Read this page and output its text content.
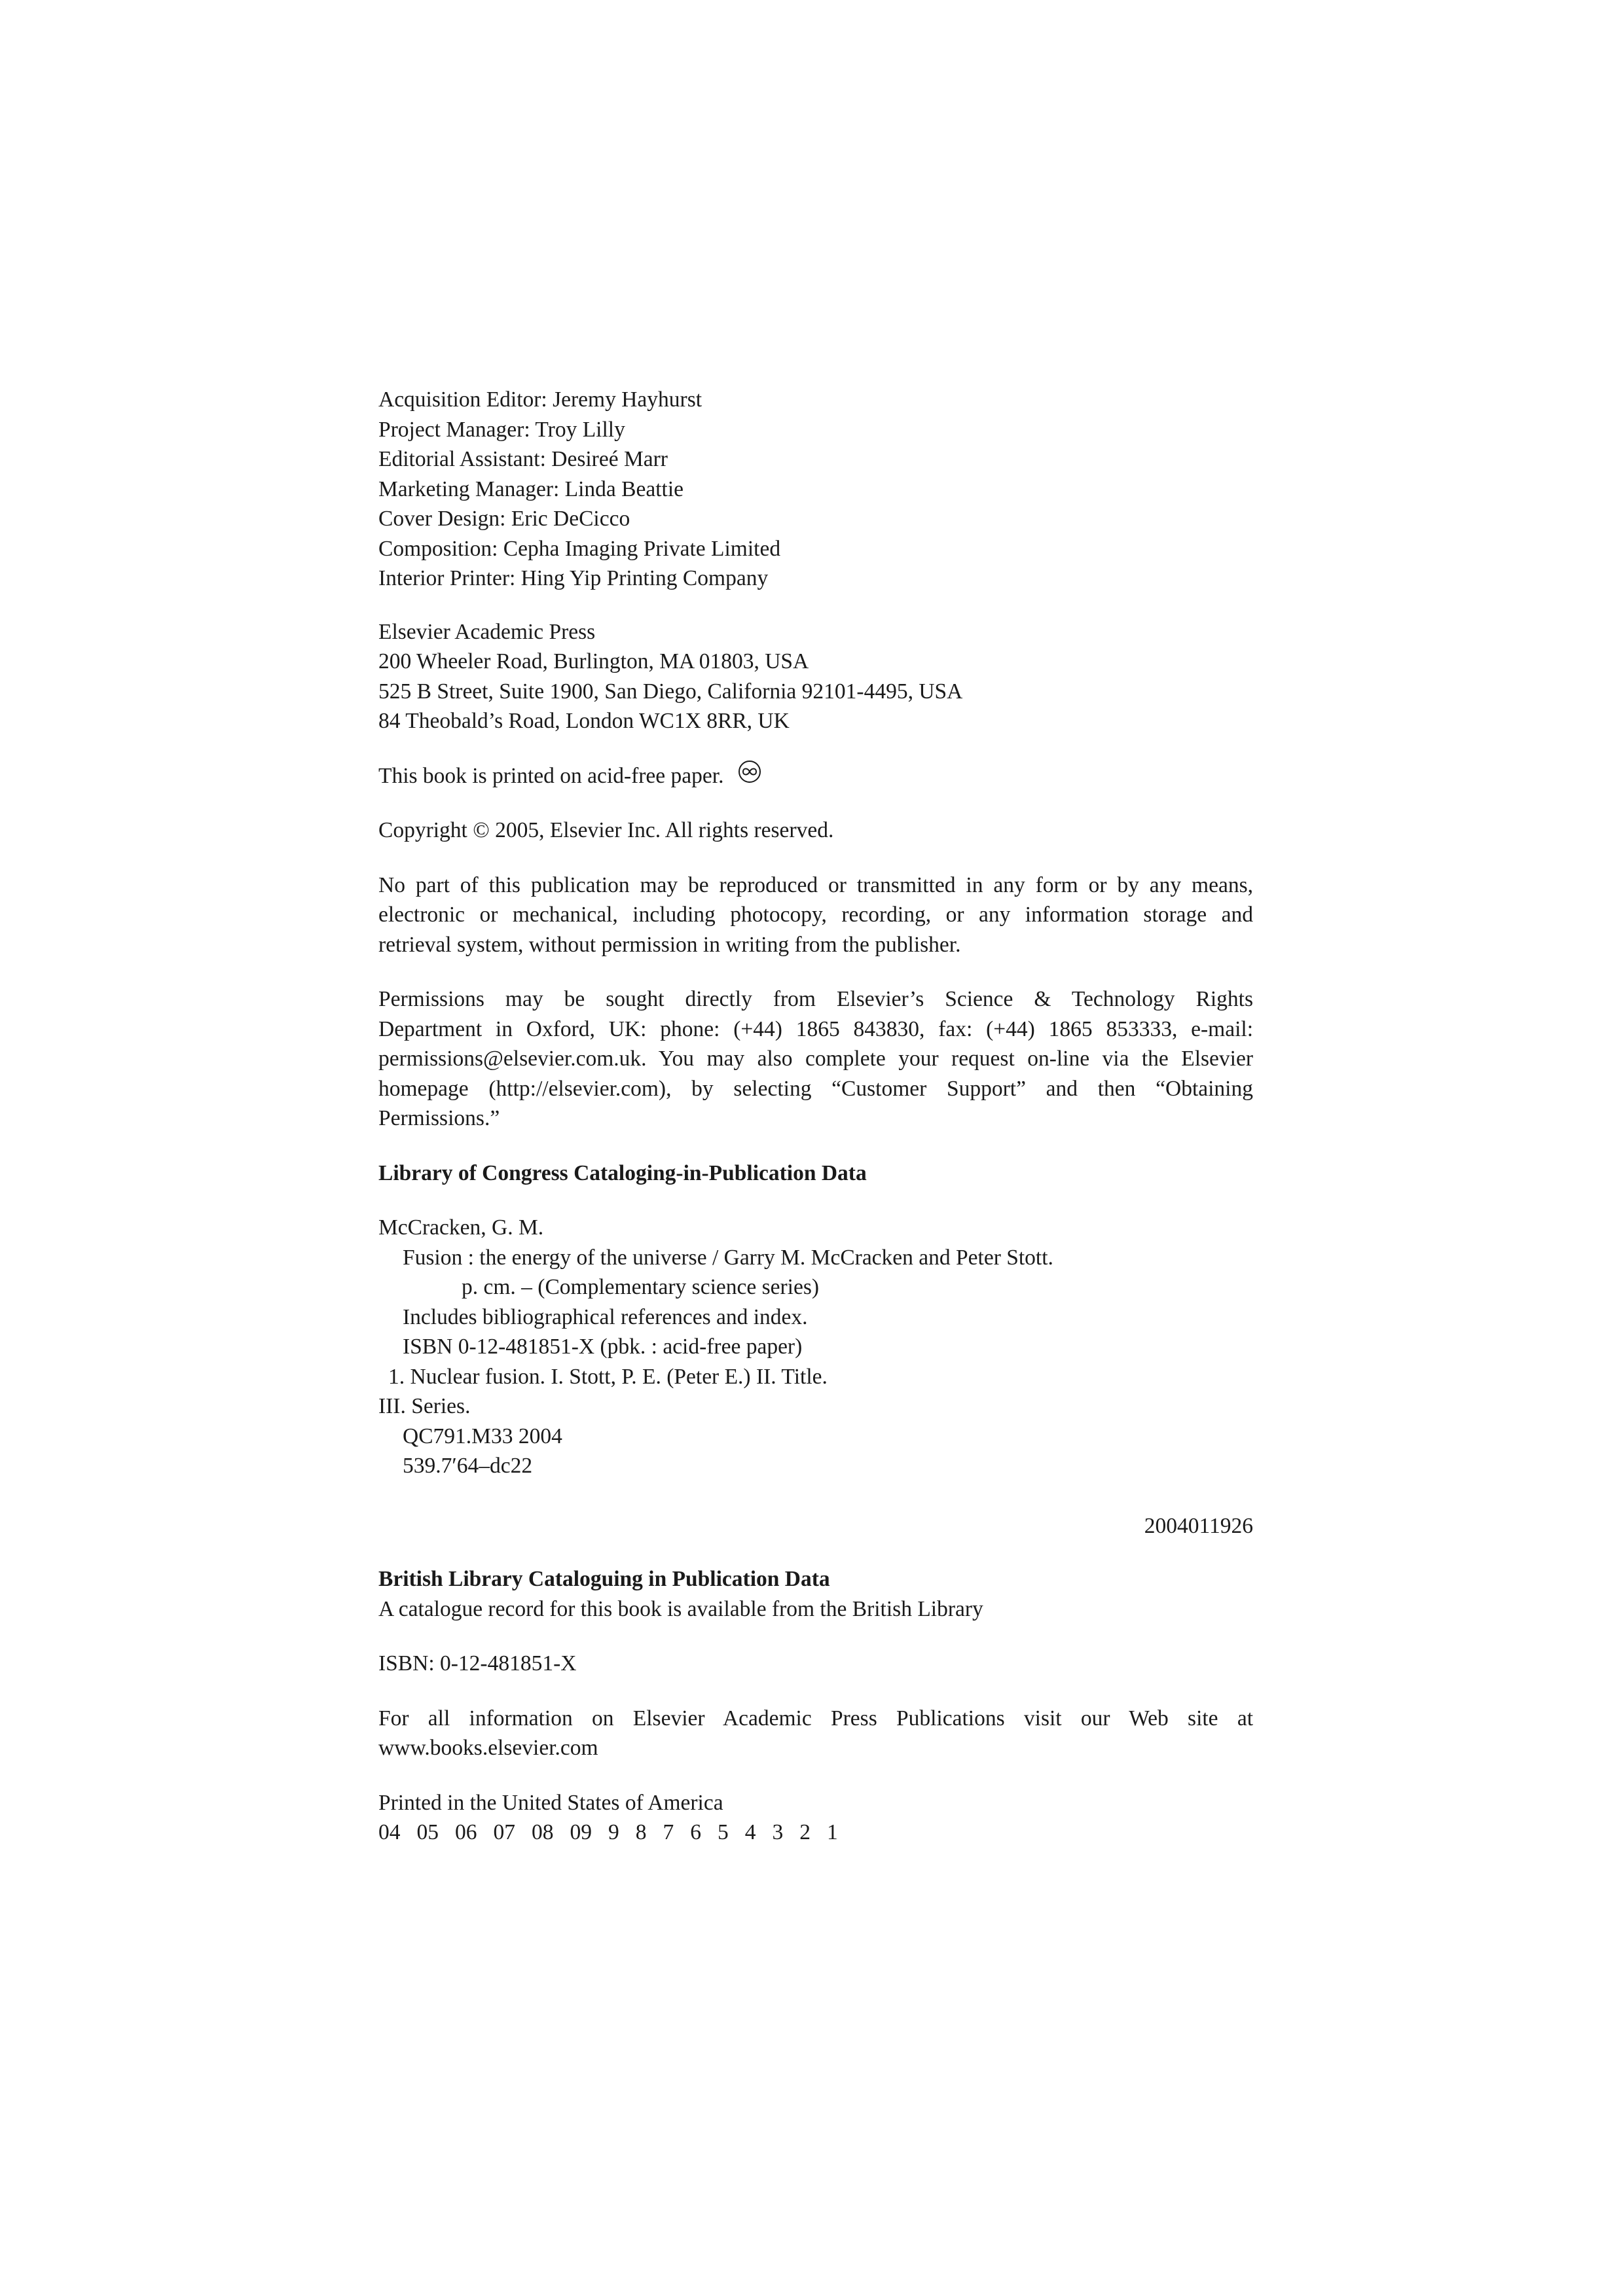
Acquisition Editor: Jeremy Hayhurst
Project Manager: Troy Lilly
Editorial Assistant: Desireé Marr
Marketing Manager: Linda Beattie
Cover Design: Eric DeCicco
Composition: Cepha Imaging Private Limited
Interior Printer: Hing Yip Printing Company
Elsevier Academic Press
200 Wheeler Road, Burlington, MA 01803, USA
525 B Street, Suite 1900, San Diego, California 92101-4495, USA
84 Theobald’s Road, London WC1X 8RR, UK
This book is printed on acid-free paper.
Copyright © 2005, Elsevier Inc. All rights reserved.
No part of this publication may be reproduced or transmitted in any form or by any means,
electronic or mechanical, including photocopy, recording, or any information storage and
retrieval system, without permission in writing from the publisher.
Permissions may be sought directly from Elsevier’s Science & Technology Rights
Department in Oxford, UK: phone: (+44) 1865 843830, fax: (+44) 1865 853333, e-mail:
permissions@elsevier.com.uk. You may also complete your request on-line via the Elsevier
homepage (http://elsevier.com), by selecting “Customer Support” and then “Obtaining
Permissions.”
Library of Congress Cataloging-in-Publication Data
McCracken, G. M.
Fusion : the energy of the universe / Garry M. McCracken and Peter Stott.
p. cm. – (Complementary science series)
Includes bibliographical references and index.
ISBN 0-12-481851-X (pbk. : acid-free paper)
1. Nuclear fusion. I. Stott, P. E. (Peter E.) II. Title.
III. Series.
QC791.M33 2004
539.7′64–dc22
2004011926
British Library Cataloguing in Publication Data
A catalogue record for this book is available from the British Library
ISBN: 0-12-481851-X
For all information on Elsevier Academic Press Publications visit our Web site at
www.books.elsevier.com
Printed in the United States of America
04 05 06 07 08 09 9 8 7 6 5 4 3 2 1
